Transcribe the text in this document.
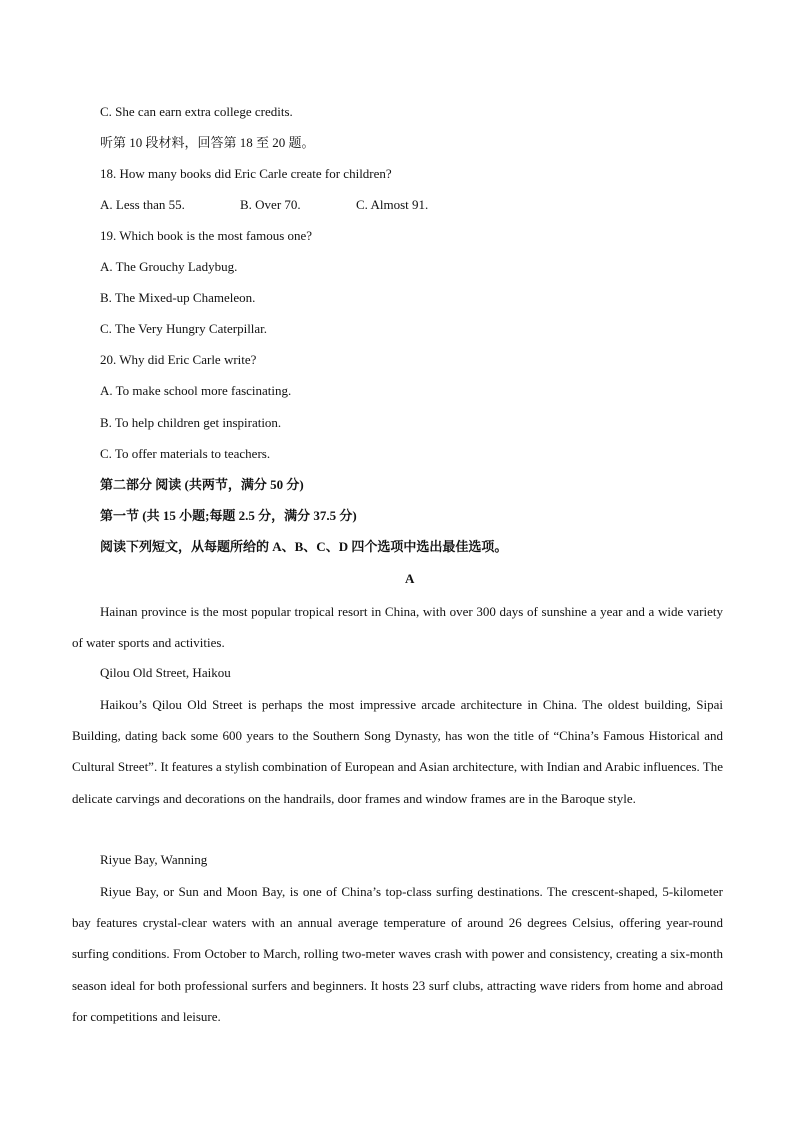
C. She can earn extra college credits.
听第 10 段材料，回答第 18 至 20 题。
18. How many books did Eric Carle create for children?
A. Less than 55.	B. Over 70.	C. Almost 91.
19. Which book is the most famous one?
A. The Grouchy Ladybug.
B. The Mixed-up Chameleon.
C. The Very Hungry Caterpillar.
20. Why did Eric Carle write?
A. To make school more fascinating.
B. To help children get inspiration.
C. To offer materials to teachers.
第二部分 阅读 (共两节，满分 50 分)
第一节 (共 15 小题;每题 2.5 分，满分 37.5 分)
阅读下列短文，从每题所给的 A、B、C、D 四个选项中选出最佳选项。
A
Hainan province is the most popular tropical resort in China, with over 300 days of sunshine a year and a wide variety of water sports and activities.
Qilou Old Street, Haikou
Haikou’s Qilou Old Street is perhaps the most impressive arcade architecture in China. The oldest building, Sipai Building, dating back some 600 years to the Southern Song Dynasty, has won the title of “China’s Famous Historical and Cultural Street”. It features a stylish combination of European and Asian architecture, with Indian and Arabic influences. The delicate carvings and decorations on the handrails, door frames and window frames are in the Baroque style.
Riyue Bay, Wanning
Riyue Bay, or Sun and Moon Bay, is one of China’s top-class surfing destinations. The crescent-shaped, 5-kilometer bay features crystal-clear waters with an annual average temperature of around 26 degrees Celsius, offering year-round surfing conditions. From October to March, rolling two-meter waves crash with power and consistency, creating a six-month season ideal for both professional surfers and beginners. It hosts 23 surf clubs, attracting wave riders from home and abroad for competitions and leisure.
